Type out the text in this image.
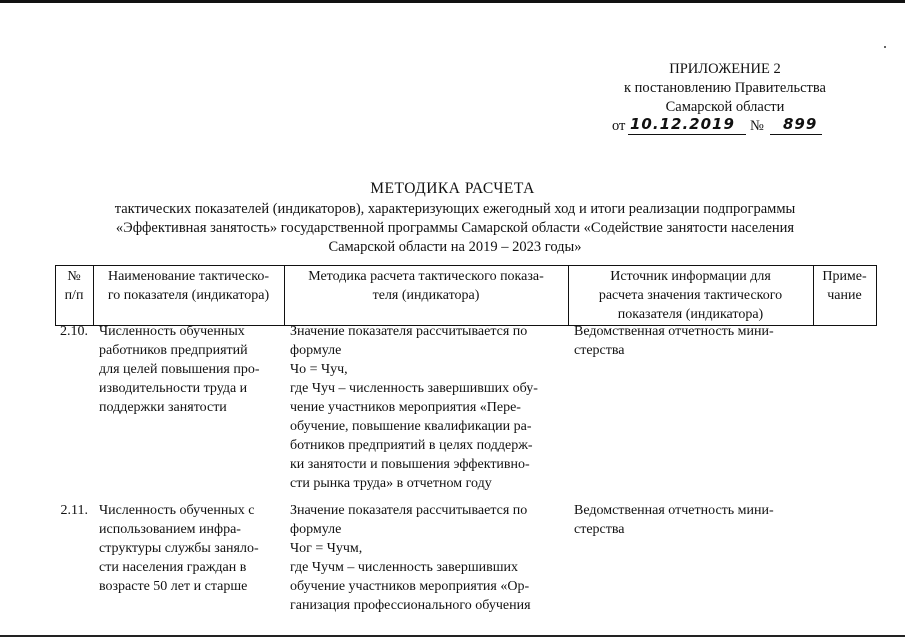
ПРИЛОЖЕНИЕ 2
к постановлению Правительства
Самарской области
от 10.12.2019 № 899
МЕТОДИКА РАСЧЕТА
тактических показателей (индикаторов), характеризующих ежегодный ход и итоги реализации подпрограммы
«Эффективная занятость» государственной программы Самарской области «Содействие занятости населения
Самарской области на 2019 – 2023 годы»
№
п/п
Наименование тактическо-
го показателя (индикатора)
Методика расчета тактического показа-
теля (индикатора)
Источник информации для
расчета значения тактического
показателя (индикатора)
Приме-
чание
2.10. Численность обученных
работников предприятий
для целей повышения про-
изводительности труда и
поддержки занятости
Значение показателя рассчитывается по
формуле
Чо = Чуч,
где Чуч – численность завершивших обу-
чение участников мероприятия «Пере-
обучение, повышение квалификации ра-
ботников предприятий в целях поддерж-
ки занятости и повышения эффективно-
сти рынка труда» в отчетном году
Ведомственная отчетность мини-
стерства
2.11. Численность обученных с
использованием инфра-
структуры службы заняло-
сти населения граждан в
возрасте 50 лет и старше
Значение показателя рассчитывается по
формуле
Чог = Чучм,
где Чучм – численность завершивших
обучение участников мероприятия «Ор-
ганизация профессионального обучения
Ведомственная отчетность мини-
стерства
